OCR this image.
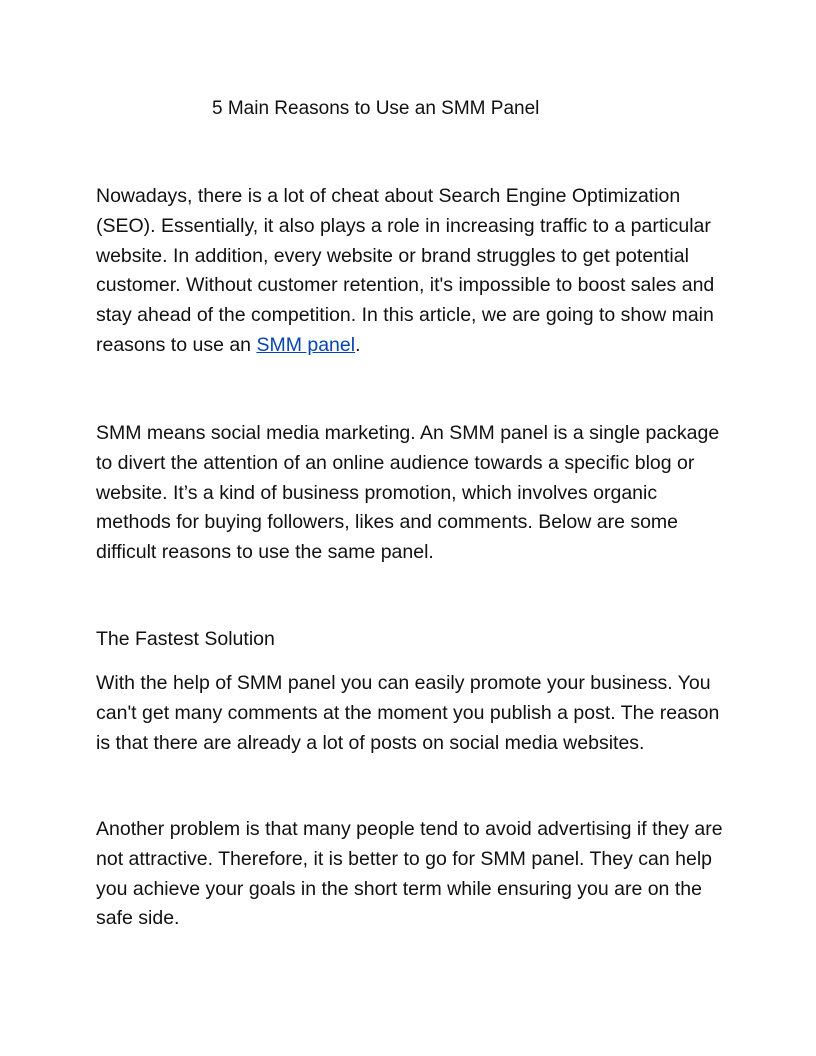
5 Main Reasons to Use an SMM Panel

Nowadays, there is a lot of cheat about Search Engine Optimization (SEO). Essentially, it also plays a role in increasing traffic to a particular website. In addition, every website or brand struggles to get potential customer. Without customer retention, it's impossible to boost sales and stay ahead of the competition. In this article, we are going to show main reasons to use an SMM panel.

SMM means social media marketing. An SMM panel is a single package to divert the attention of an online audience towards a specific blog or website. It’s a kind of business promotion, which involves organic methods for buying followers, likes and comments. Below are some difficult reasons to use the same panel.

The Fastest Solution

With the help of SMM panel you can easily promote your business. You can't get many comments at the moment you publish a post. The reason is that there are already a lot of posts on social media websites.

Another problem is that many people tend to avoid advertising if they are not attractive. Therefore, it is better to go for SMM panel. They can help you achieve your goals in the short term while ensuring you are on the safe side.
